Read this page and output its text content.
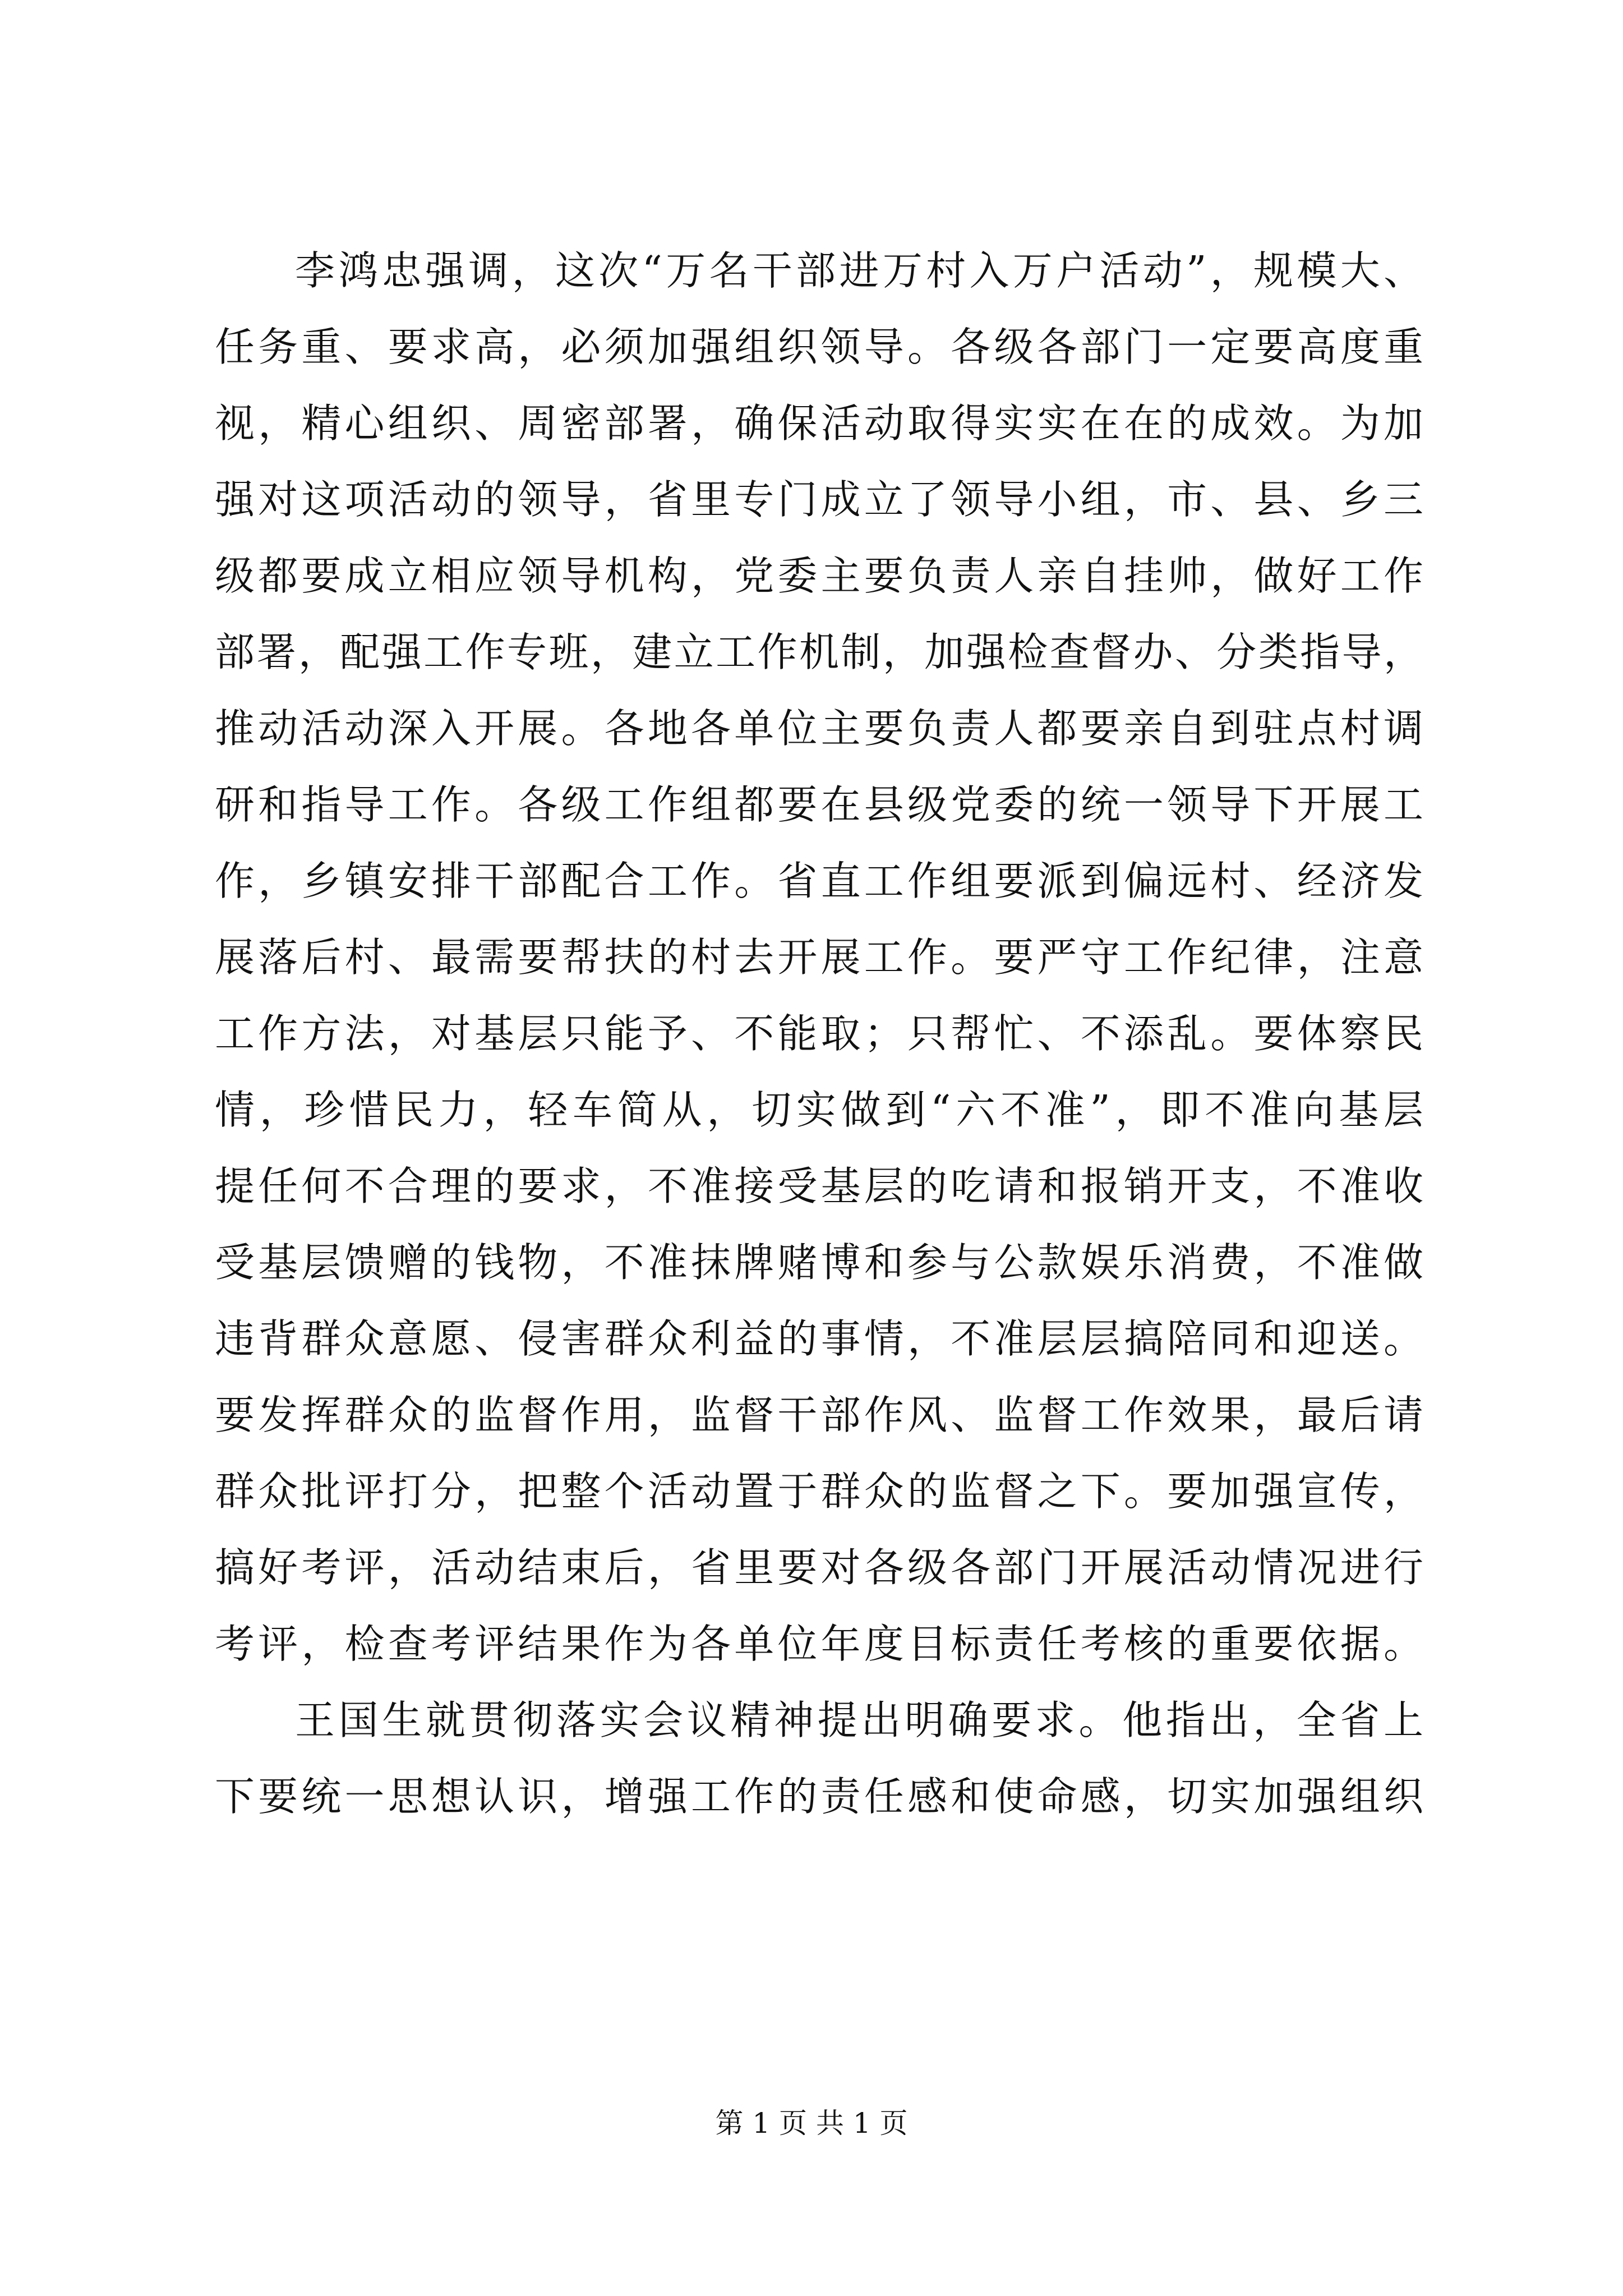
李鸿忠强调，这次“万名干部进万村入万户活动”，规模大、
任务重、要求高，必须加强组织领导。各级各部门一定要高度重
视，精心组织、周密部署，确保活动取得实实在在的成效。为加
强对这项活动的领导，省里专门成立了领导小组，市、县、乡三
级都要成立相应领导机构，党委主要负责人亲自挂帅，做好工作
部署，配强工作专班，建立工作机制，加强检查督办、分类指导，
推动活动深入开展。各地各单位主要负责人都要亲自到驻点村调
研和指导工作。各级工作组都要在县级党委的统一领导下开展工
作，乡镇安排干部配合工作。省直工作组要派到偏远村、经济发
展落后村、最需要帮扶的村去开展工作。要严守工作纪律，注意
工作方法，对基层只能予、不能取；只帮忙、不添乱。要体察民
情，珍惜民力，轻车简从，切实做到“六不准”，即不准向基层
提任何不合理的要求，不准接受基层的吃请和报销开支，不准收
受基层馈赠的钱物，不准抹牌赌博和参与公款娱乐消费，不准做
违背群众意愿、侵害群众利益的事情，不准层层搞陪同和迎送。
要发挥群众的监督作用，监督干部作风、监督工作效果，最后请
群众批评打分，把整个活动置于群众的监督之下。要加强宣传，
搞好考评，活动结束后，省里要对各级各部门开展活动情况进行
考评，检查考评结果作为各单位年度目标责任考核的重要依据。
王国生就贯彻落实会议精神提出明确要求。他指出，全省上
下要统一思想认识，增强工作的责任感和使命感，切实加强组织
第 1 页 共 1 页
